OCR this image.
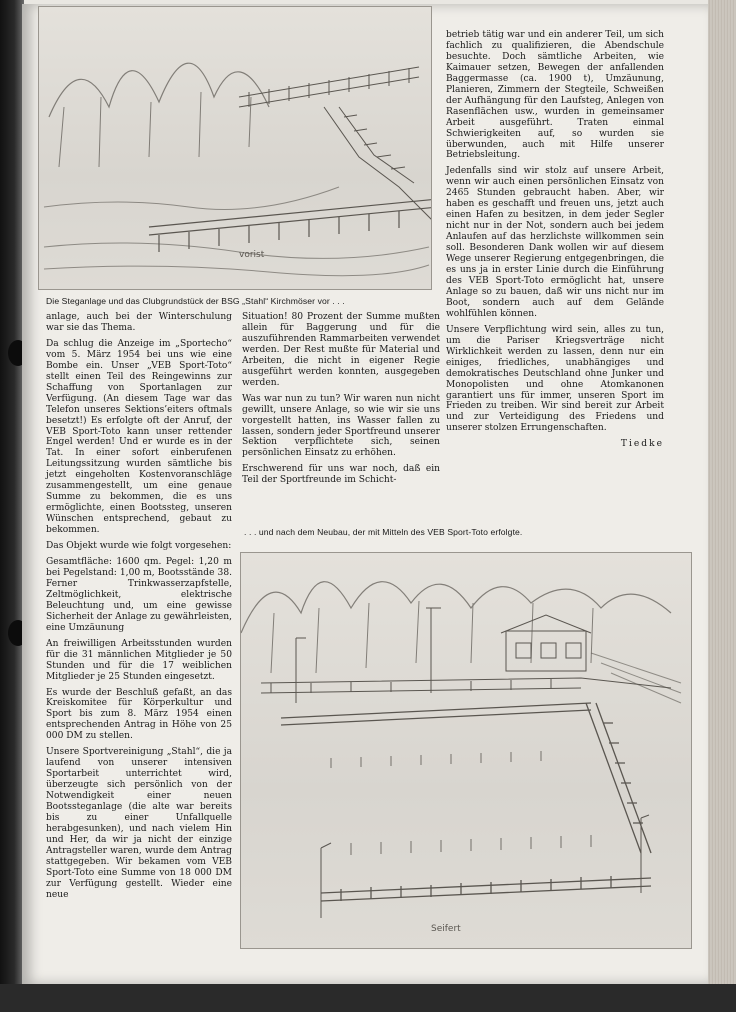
vorist
Die Steganlage und das Clubgrundstück der BSG „Stahl“ Kirchmöser vor . . .

anlage, auch bei der Winterschulung war sie das Thema.

Da schlug die Anzeige im „Sportecho“ vom 5. März 1954 bei uns wie eine Bombe ein. Unser „VEB Sport-Toto“ stellt einen Teil des Reingewinns zur Schaffung von Sportanlagen zur Verfügung. (An diesem Tage war das Telefon unseres Sektions’eiters oftmals besetzt!) Es erfolgte oft der Anruf, der VEB Sport-Toto kann unser rettender Engel werden! Und er wurde es in der Tat. In einer sofort einberufenen Leitungssitzung wurden sämtliche bis jetzt eingeholten Kostenvoranschläge zusammengestellt, um eine genaue Summe zu bekommen, die es uns ermöglichte, einen Bootssteg, unseren Wünschen entsprechend, gebaut zu bekommen.

Das Objekt wurde wie folgt vorgesehen:

Gesamtfläche: 1600 qm. Pegel: 1,20 m bei Pegelstand: 1,00 m, Bootsstände 38. Ferner Trinkwasserzapfstelle, Zeltmöglichkeit, elektrische Beleuchtung und, um eine gewisse Sicherheit der Anlage zu gewährleisten, eine Umzäunung

An freiwilligen Arbeitsstunden wurden für die 31 männlichen Mitglieder je 50 Stunden und für die 17 weiblichen Mitglieder je 25 Stunden eingesetzt.

Es wurde der Beschluß gefaßt, an das Kreiskomitee für Körperkultur und Sport bis zum 8. März 1954 einen entsprechenden Antrag in Höhe von 25 000 DM zu stellen.

Unsere Sportvereinigung „Stahl“, die ja laufend von unserer intensiven Sportarbeit unterrichtet wird, überzeugte sich persönlich von der Notwendigkeit einer neuen Bootssteganlage (die alte war bereits bis zu einer Unfallquelle herabgesunken), und nach vielem Hin und Her, da wir ja nicht der einzige Antragsteller waren, wurde dem Antrag stattgegeben. Wir bekamen vom VEB Sport-Toto eine Summe von 18 000 DM zur Verfügung gestellt. Wieder eine neue

Situation! 80 Prozent der Summe mußten allein für Baggerung und für die auszuführenden Rammarbeiten verwendet werden. Der Rest mußte für Material und Arbeiten, die nicht in eigener Regie ausgeführt werden konnten, ausgegeben werden.

Was war nun zu tun? Wir waren nun nicht gewillt, unsere Anlage, so wie wir sie uns vorgestellt hatten, ins Wasser fallen zu lassen, sondern jeder Sportfreund unserer Sektion verpflichtete sich, seinen persönlichen Einsatz zu erhöhen.

Erschwerend für uns war noch, daß ein Teil der Sportfreunde im Schicht-

betrieb tätig war und ein anderer Teil, um sich fachlich zu qualifizieren, die Abendschule besuchte. Doch sämtliche Arbeiten, wie Kaimauer setzen, Bewegen der anfallenden Baggermasse (ca. 1900 t), Umzäunung, Planieren, Zimmern der Stegteile, Schweißen der Aufhängung für den Laufsteg, Anlegen von Rasenflächen usw., wurden in gemeinsamer Arbeit ausgeführt. Traten einmal Schwierigkeiten auf, so wurden sie überwunden, auch mit Hilfe unserer Betriebsleitung.

Jedenfalls sind wir stolz auf unsere Arbeit, wenn wir auch einen persönlichen Einsatz von 2465 Stunden gebraucht haben. Aber, wir haben es geschafft und freuen uns, jetzt auch einen Hafen zu besitzen, in dem jeder Segler nicht nur in der Not, sondern auch bei jedem Anlaufen auf das herzlichste willkommen sein soll. Besonderen Dank wollen wir auf diesem Wege unserer Regierung entgegenbringen, die es uns ja in erster Linie durch die Einführung des VEB Sport-Toto ermöglicht hat, unsere Anlage so zu bauen, daß wir uns nicht nur im Boot, sondern auch auf dem Gelände wohlfühlen können.

Unsere Verpflichtung wird sein, alles zu tun, um die Pariser Kriegsverträge nicht Wirklichkeit werden zu lassen, denn nur ein einiges, friedliches, unabhängiges und demokratisches Deutschland ohne Junker und Monopolisten und ohne Atomkanonen garantiert uns für immer, unseren Sport im Frieden zu treiben. Wir sind bereit zur Arbeit und zur Verteidigung des Friedens und unserer stolzen Errungenschaften.

Tiedke
. . . und nach dem Neubau, der mit Mitteln des VEB Sport-Toto erfolgte.
Seifert
